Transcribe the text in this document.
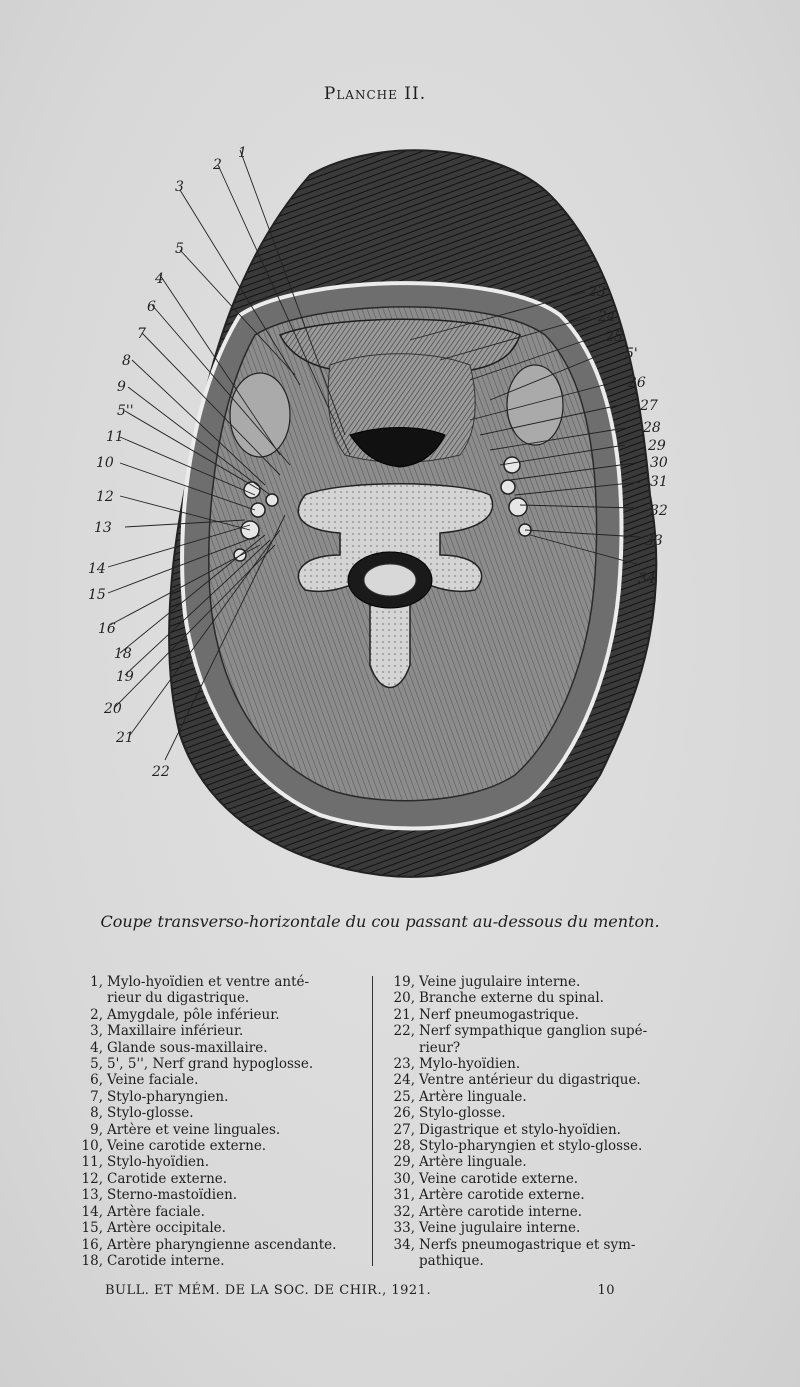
Planche II.
1
2
3
5
4
6
7
8
9
5''
11
10
12
13
14
15
16
18
19
20
21
22
23
24
25
5'
26
27
28
29
30
31
32
33
34
Coupe transverso-horizontale du cou passant au-dessous du menton.
1, Mylo-hyoïdien et ventre anté-
rieur du digastrique.
2, Amygdale, pôle inférieur.
3, Maxillaire inférieur.
4, Glande sous-maxillaire.
5, 5', 5'', Nerf grand hypoglosse.
6, Veine faciale.
7, Stylo-pharyngien.
8, Stylo-glosse.
9, Artère et veine linguales.
10, Veine carotide externe.
11, Stylo-hyoïdien.
12, Carotide externe.
13, Sterno-mastoïdien.
14, Artère faciale.
15, Artère occipitale.
16, Artère pharyngienne ascendante.
18, Carotide interne.
19, Veine jugulaire interne.
20, Branche externe du spinal.
21, Nerf pneumogastrique.
22, Nerf sympathique ganglion supé-
rieur?
23, Mylo-hyoïdien.
24, Ventre antérieur du digastrique.
25, Artère linguale.
26, Stylo-glosse.
27, Digastrique et stylo-hyoïdien.
28, Stylo-pharyngien et stylo-glosse.
29, Artère linguale.
30, Veine carotide externe.
31, Artère carotide externe.
32, Artère carotide interne.
33, Veine jugulaire interne.
34, Nerfs pneumogastrique et sym-
pathique.
BULL. ET MÉM. DE LA SOC. DE CHIR., 1921.	10
